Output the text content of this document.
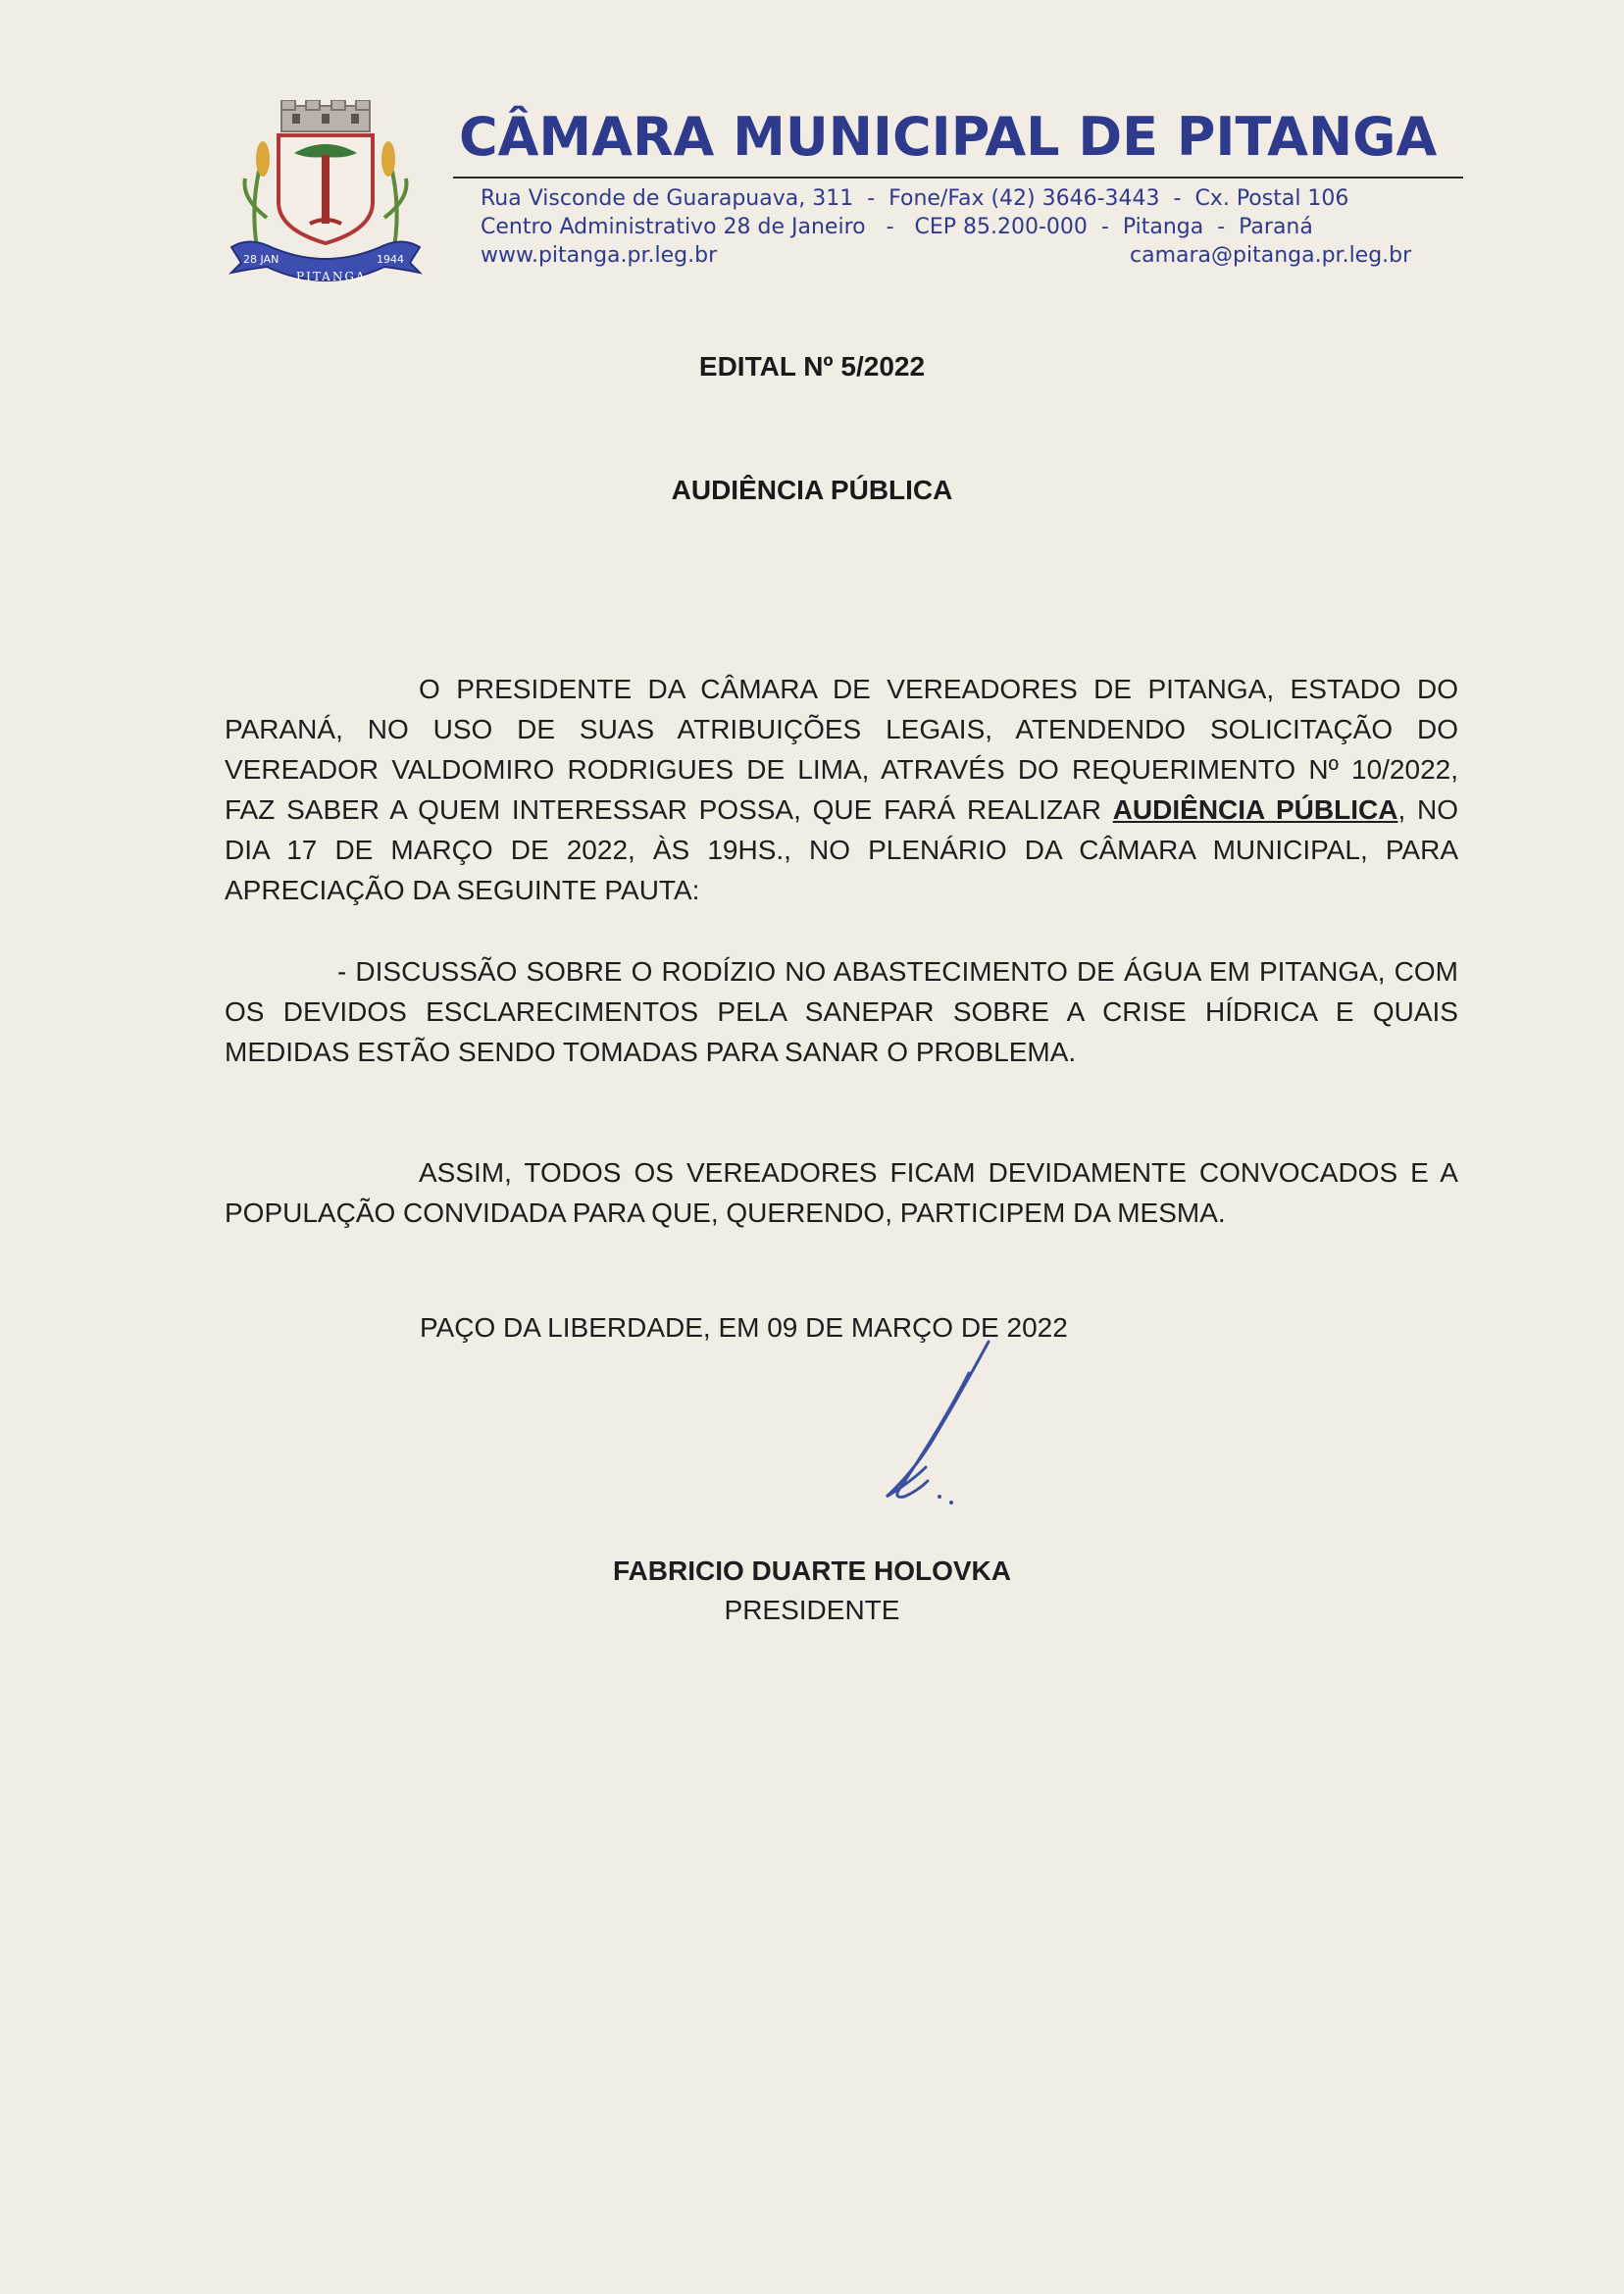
28 JAN	1944
PITANGA
CÂMARA MUNICIPAL DE PITANGA
Rua Visconde de Guarapuava, 311  -  Fone/Fax (42) 3646-3443  -  Cx. Postal 106
Centro Administrativo 28 de Janeiro   -   CEP 85.200-000  -  Pitanga  -  Paraná
www.pitanga.pr.leg.br	camara@pitanga.pr.leg.br
EDITAL Nº 5/2022
AUDIÊNCIA PÚBLICA
O PRESIDENTE DA CÂMARA DE VEREADORES DE PITANGA, ESTADO DO PARANÁ, NO USO DE SUAS ATRIBUIÇÕES LEGAIS, ATENDENDO SOLICITAÇÃO DO VEREADOR VALDOMIRO RODRIGUES DE LIMA, ATRAVÉS DO REQUERIMENTO Nº 10/2022, FAZ SABER A QUEM INTERESSAR POSSA, QUE FARÁ REALIZAR AUDIÊNCIA PÚBLICA, NO DIA 17 DE MARÇO DE 2022, ÀS 19HS., NO PLENÁRIO DA CÂMARA MUNICIPAL, PARA APRECIAÇÃO DA SEGUINTE PAUTA:
- DISCUSSÃO SOBRE O RODÍZIO NO ABASTECIMENTO DE ÁGUA EM PITANGA, COM OS DEVIDOS ESCLARECIMENTOS PELA SANEPAR SOBRE A CRISE HÍDRICA E QUAIS MEDIDAS ESTÃO SENDO TOMADAS PARA SANAR O PROBLEMA.
ASSIM, TODOS OS VEREADORES FICAM DEVIDAMENTE CONVOCADOS E A POPULAÇÃO CONVIDADA PARA QUE, QUERENDO, PARTICIPEM DA MESMA.
PAÇO DA LIBERDADE, EM 09 DE MARÇO DE 2022
FABRICIO DUARTE HOLOVKA
PRESIDENTE
